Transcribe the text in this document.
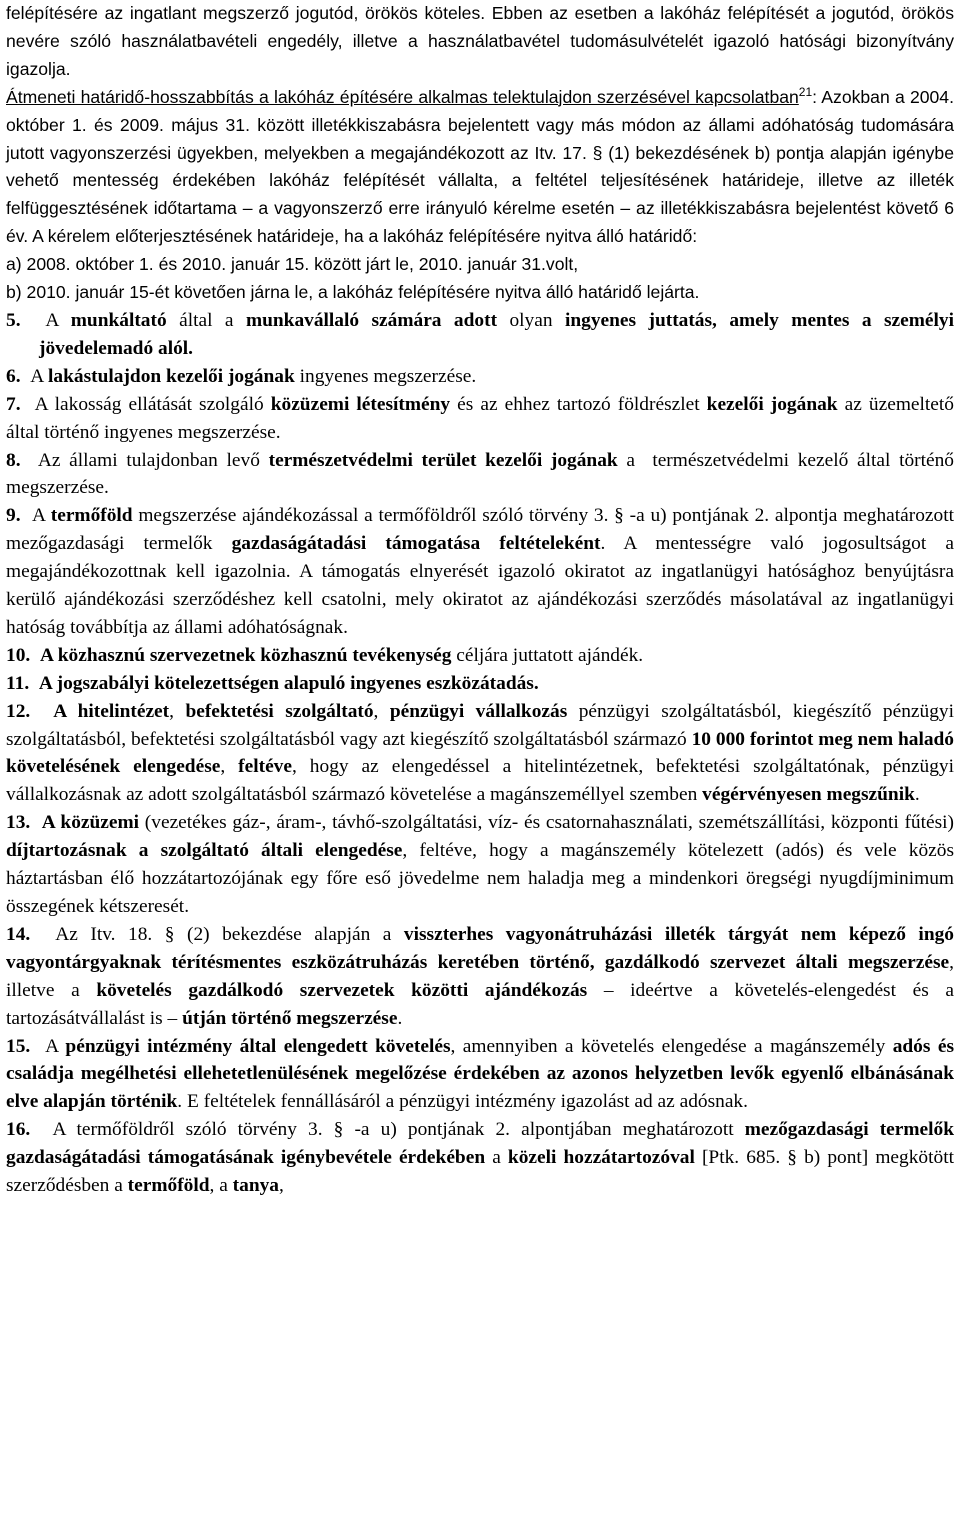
felépítésére az ingatlant megszerző jogutód, örökös köteles. Ebben az esetben a lakóház felépítését a jogutód, örökös nevére szóló használatbavételi engedély, illetve a használatbavétel tudomásulvételét igazoló hatósági bizonyítvány igazolja.

Átmeneti határidő-hosszabbítás a lakóház építésére alkalmas telektulajdon szerzésével kapcsolatban$^{21}$: Azokban a 2004. október 1. és 2009. május 31. között illetékkiszabásra bejelentett vagy más módon az állami adóhatóság tudomására jutott vagyonszerzési ügyekben, melyekben a megajándékozott az Itv. 17. § (1) bekezdésének b) pontja alapján igénybe vehető mentesség érdekében lakóház felépítését vállalta, a feltétel teljesítésének határideje, illetve az illeték felfüggesztésének időtartama – a vagyonszerző erre irányuló kérelme esetén – az illetékkiszabásra bejelentést követő 6 év. A kérelem előterjesztésének határideje, ha a lakóház felépítésére nyitva álló határidő:

a) 2008. október 1. és 2010. január 15. között járt le, 2010. január 31.volt,

b) 2010. január 15-ét követően járna le, a lakóház felépítésére nyitva álló határidő lejárta.

5.  A munkáltató által a munkavállaló számára adott olyan ingyenes juttatás, amely mentes a személyi jövedelemadó alól.

6.  A lakástulajdon kezelői jogának ingyenes megszerzése.

7.  A lakosság ellátását szolgáló közüzemi létesítmény és az ehhez tartozó földrészlet kezelői jogának az üzemeltető által történő ingyenes megszerzése.

8.  Az állami tulajdonban levő természetvédelmi terület kezelői jogának a  természetvédelmi kezelő által történő megszerzése.

9.  A termőföld megszerzése ajándékozással a termőföldről szóló törvény 3. § -a u) pontjának 2. alpontja meghatározott mezőgazdasági termelők gazdaságátadási támogatása feltételeként. A mentességre való jogosultságot a megajándékozottnak kell igazolnia. A támogatás elnyerését igazoló okiratot az ingatlanügyi hatósághoz benyújtásra kerülő ajándékozási szerződéshez kell csatolni, mely okiratot az ajándékozási szerződés másolatával az ingatlanügyi hatóság továbbítja az állami adóhatóságnak.

10. A közhasznú szervezetnek közhasznú tevékenység céljára juttatott ajándék.

11. A jogszabályi kötelezettségen alapuló ingyenes eszközátadás.

12. A hitelintézet, befektetési szolgáltató, pénzügyi vállalkozás pénzügyi szolgáltatásból, kiegészítő pénzügyi szolgáltatásból, befektetési szolgáltatásból vagy azt kiegészítő szolgáltatásból származó 10 000 forintot meg nem haladó követelésének elengedése, feltéve, hogy az elengedéssel a hitelintézetnek, befektetési szolgáltatónak, pénzügyi vállalkozásnak az adott szolgáltatásból származó követelése a magánszeméllyel szemben végérvényesen megszűnik.

13. A közüzemi (vezetékes gáz-, áram-, távhő-szolgáltatási, víz- és csatornahasználati, szemétszállítási, központi fűtési) díjtartozásnak a szolgáltató általi elengedése, feltéve, hogy a magánszemély kötelezett (adós) és vele közös háztartásban élő hozzátartozójának egy főre eső jövedelme nem haladja meg a mindenkori öregségi nyugdíjminimum összegének kétszeresét.

14.  Az Itv. 18. § (2) bekezdése alapján a visszterhes vagyonátruházási illeték tárgyát nem képező ingó vagyontárgyaknak térítésmentes eszközátruházás keretében történő, gazdálkodó szervezet általi megszerzése, illetve a követelés gazdálkodó szervezetek közötti ajándékozás – ideértve a követelés-elengedést és a tartozásátvállalást is – útján történő megszerzése.

15.  A pénzügyi intézmény által elengedett követelés, amennyiben a követelés elengedése a magánszemély adós és családja megélhetési ellehetetlenülésének megelőzése érdekében az azonos helyzetben levők egyenlő elbánásának elve alapján történik. E feltételek fennállásáról a pénzügyi intézmény igazolást ad az adósnak.

16.  A termőföldről szóló törvény 3. § -a u) pontjának 2. alpontjában meghatározott mezőgazdasági termelők gazdaságátadási támogatásának igénybevétele érdekében a közeli hozzátartozóval [Ptk. 685. § b) pont] megkötött szerződésben a termőföld, a tanya,
